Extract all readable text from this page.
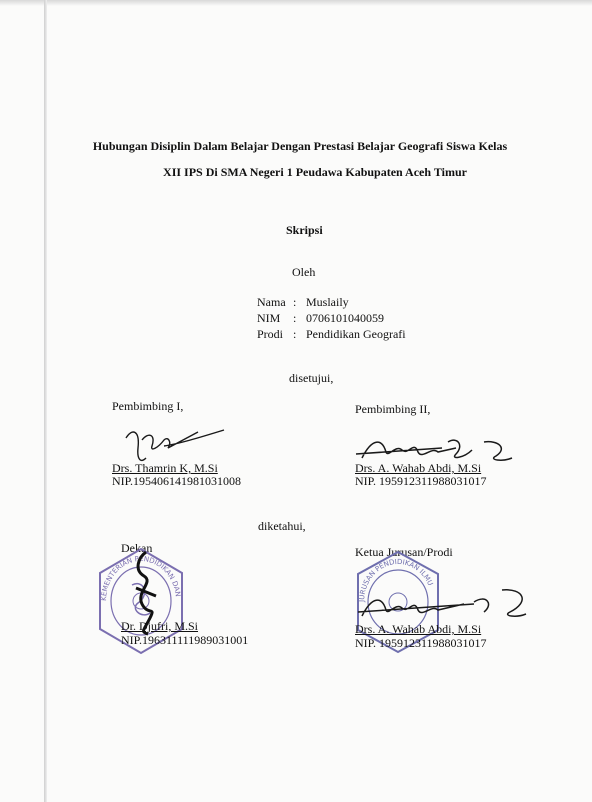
Hubungan Disiplin Dalam Belajar Dengan Prestasi Belajar Geografi Siswa Kelas
XII IPS Di SMA Negeri 1 Peudawa Kabupaten Aceh Timur
Skripsi
Oleh
Nama : Muslaily
NIM : 0706101040059
Prodi : Pendidikan Geografi
disetujui,
Pembimbing I,	Pembimbing II,
Drs. Thamrin K, M.Si
NIP.195406141981031008
Drs. A. Wahab Abdi, M.Si
NIP. 195912311988031017
diketahui,
Dekan	Ketua Jurusan/Prodi
KEMENTERIAN PENDIDIKAN DAN
JURUSAN PENDIDIKAN ILMU
Dr. Djufri, M.Si
NIP.196311111989031001
Drs. A. Wahab Abdi, M.Si
NIP. 195912311988031017
